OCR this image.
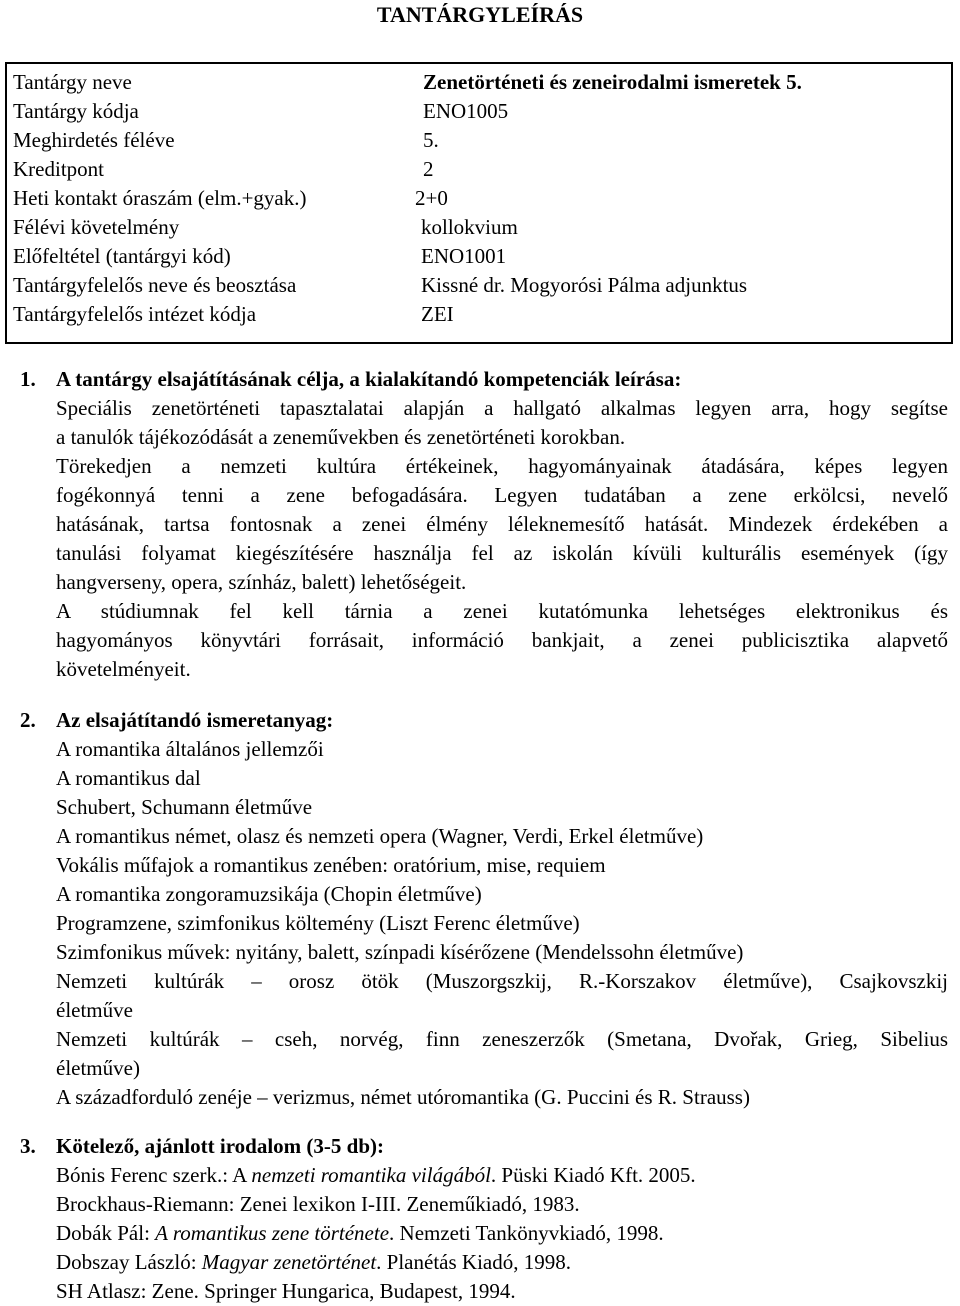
TANTÁRGYLEÍRÁS
Tantárgy neve	Zenetörténeti és zeneirodalmi ismeretek 5.
Tantárgy kódja	ENO1005
Meghirdetés féléve	5.
Kreditpont	2
Heti kontakt óraszám (elm.+gyak.)	2+0
Félévi követelmény	kollokvium
Előfeltétel (tantárgyi kód)	ENO1001
Tantárgyfelelős neve és beosztása	Kissné dr. Mogyorósi Pálma adjunktus
Tantárgyfelelős intézet kódja	ZEI
1. A tantárgy elsajátításának célja, a kialakítandó kompetenciák leírása:
Speciális zenetörténeti tapasztalatai alapján a hallgató alkalmas legyen arra, hogy segítse
a tanulók tájékozódását a zeneművekben és zenetörténeti korokban.
Törekedjen a nemzeti kultúra értékeinek, hagyományainak átadására, képes legyen
fogékonnyá tenni a zene befogadására. Legyen tudatában a zene erkölcsi, nevelő
hatásának, tartsa fontosnak a zenei élmény léleknemesítő hatását. Mindezek érdekében a
tanulási folyamat kiegészítésére használja fel az iskolán kívüli kulturális események (így
hangverseny, opera, színház, balett) lehetőségeit.
A stúdiumnak fel kell tárnia a zenei kutatómunka lehetséges elektronikus és
hagyományos könyvtári forrásait, információ bankjait, a zenei publicisztika alapvető
követelményeit.
2. Az elsajátítandó ismeretanyag:
A romantika általános jellemzői
A romantikus dal
Schubert, Schumann életműve
A romantikus német, olasz és nemzeti opera (Wagner, Verdi, Erkel életműve)
Vokális műfajok a romantikus zenében: oratórium, mise, requiem
A romantika zongoramuzsikája (Chopin életműve)
Programzene, szimfonikus költemény (Liszt Ferenc életműve)
Szimfonikus művek: nyitány, balett, színpadi kísérőzene (Mendelssohn életműve)
Nemzeti kultúrák – orosz ötök (Muszorgszkij, R.-Korszakov életműve), Csajkovszkij
életműve
Nemzeti kultúrák – cseh, norvég, finn zeneszerzők (Smetana, Dvořak, Grieg, Sibelius
életműve)
A századforduló zenéje – verizmus, német utóromantika (G. Puccini és R. Strauss)
3. Kötelező, ajánlott irodalom (3-5 db):
Bónis Ferenc szerk.: A nemzeti romantika világából. Püski Kiadó Kft. 2005.
Brockhaus-Riemann: Zenei lexikon I-III. Zeneműkiadó, 1983.
Dobák Pál: A romantikus zene története. Nemzeti Tankönyvkiadó, 1998.
Dobszay László: Magyar zenetörténet. Planétás Kiadó, 1998.
SH Atlasz: Zene. Springer Hungarica, Budapest, 1994.
